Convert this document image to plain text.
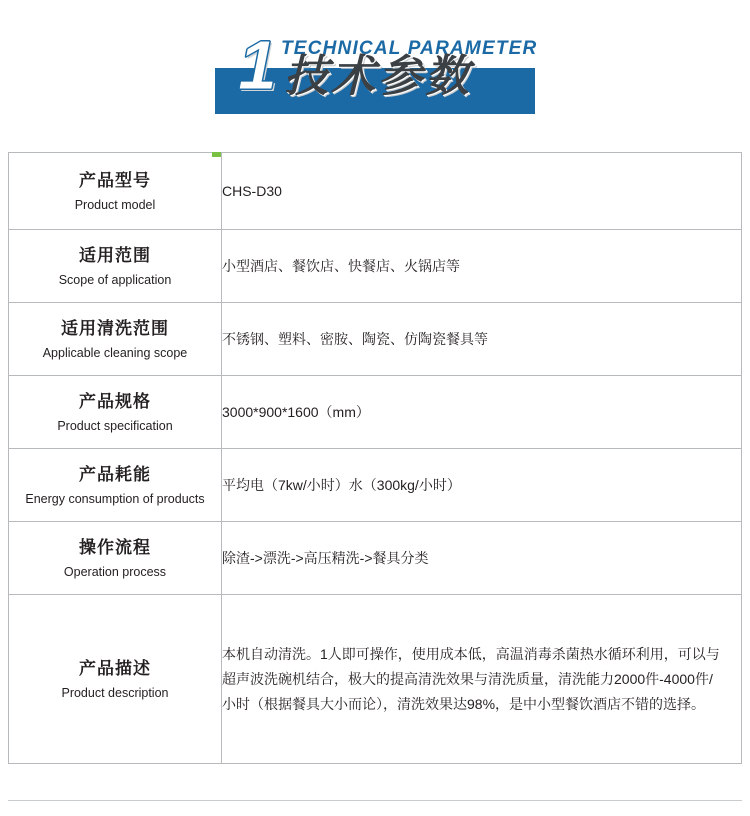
1 TECHNICAL PARAMETER
技术参数
产品型号
Product model	CHS-D30

适用范围
Scope of application	小型酒店、餐饮店、快餐店、火锅店等

适用清洗范围
Applicable cleaning scope	不锈钢、塑料、密胺、陶瓷、仿陶瓷餐具等

产品规格
Product specification	3000*900*1600（mm）

产品耗能
Energy consumption of products	平均电（7kw/小时）水（300kg/小时）

操作流程
Operation process	除渣->漂洗->高压精洗->餐具分类

产品描述
Product description	本机自动清洗。1人即可操作，使用成本低，高温消毒杀菌热水循环利用，可以与超声波洗碗机结合，极大的提高清洗效果与清洗质量，清洗能力2000件-4000件/小时（根据餐具大小而论），清洗效果达98%，是中小型餐饮酒店不错的选择。
